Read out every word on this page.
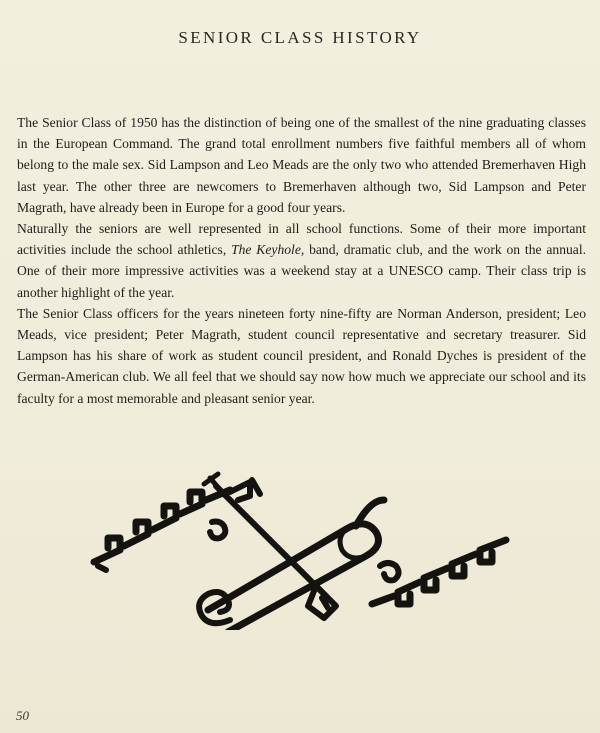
SENIOR CLASS HISTORY

The Senior Class of 1950 has the distinction of being one of the smallest of the nine graduating classes in the European Command. The grand total enrollment numbers five faithful members all of whom belong to the male sex. Sid Lampson and Leo Meads are the only two who attended Bremerhaven High last year. The other three are newcomers to Bremerhaven although two, Sid Lampson and Peter Magrath, have already been in Europe for a good four years.

Naturally the seniors are well represented in all school functions. Some of their more important activities include the school athletics, The Keyhole, band, dramatic club, and the work on the annual. One of their more impressive activities was a weekend stay at a UNESCO camp. Their class trip is another highlight of the year.

The Senior Class officers for the years nineteen forty nine-fifty are Norman Anderson, president; Leo Meads, vice president; Peter Magrath, student council representative and secretary treasurer. Sid Lampson has his share of work as student council president, and Ronald Dyches is president of the German-American club. We all feel that we should say now how much we appreciate our school and its faculty for a most memorable and pleasant senior year.

50
